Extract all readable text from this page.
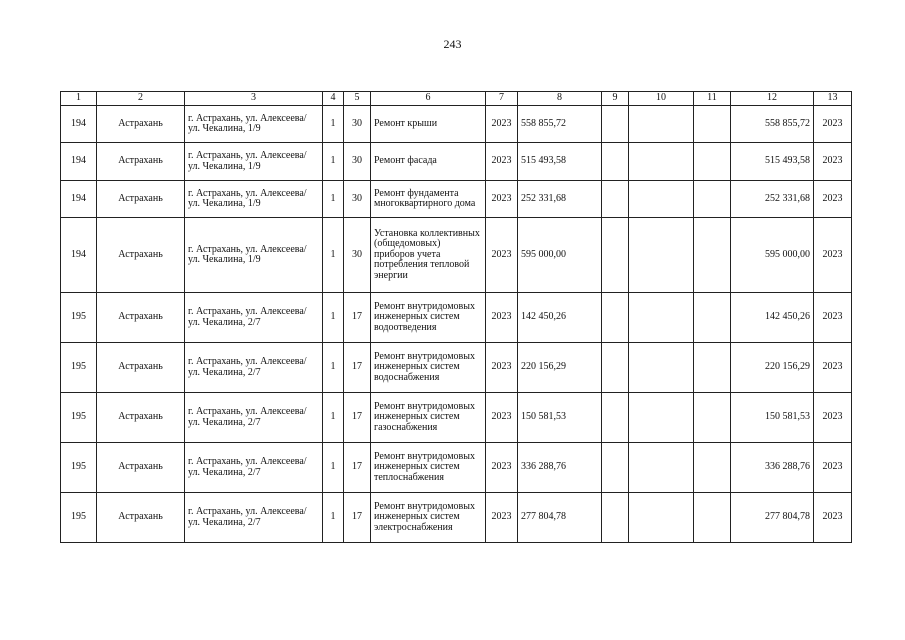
243
1	2	3	4	5	6	7	8	9	10	11	12	13
194	Астрахань	г. Астрахань, ул. Алексеева/ ул. Чекалина, 1/9	1	30	Ремонт крыши	2023	558 855,72				558 855,72	2023
194	Астрахань	г. Астрахань, ул. Алексеева/ ул. Чекалина, 1/9	1	30	Ремонт фасада	2023	515 493,58				515 493,58	2023
194	Астрахань	г. Астрахань, ул. Алексеева/ ул. Чекалина, 1/9	1	30	Ремонт фундамента многоквартирного дома	2023	252 331,68				252 331,68	2023
194	Астрахань	г. Астрахань, ул. Алексеева/ ул. Чекалина, 1/9	1	30	Установка коллективных (общедомовых) приборов учета потребления тепловой энергии	2023	595 000,00				595 000,00	2023
195	Астрахань	г. Астрахань, ул. Алексеева/ ул. Чекалина, 2/7	1	17	Ремонт внутридомовых инженерных систем водоотведения	2023	142 450,26				142 450,26	2023
195	Астрахань	г. Астрахань, ул. Алексеева/ ул. Чекалина, 2/7	1	17	Ремонт внутридомовых инженерных систем водоснабжения	2023	220 156,29				220 156,29	2023
195	Астрахань	г. Астрахань, ул. Алексеева/ ул. Чекалина, 2/7	1	17	Ремонт внутридомовых инженерных систем газоснабжения	2023	150 581,53				150 581,53	2023
195	Астрахань	г. Астрахань, ул. Алексеева/ ул. Чекалина, 2/7	1	17	Ремонт внутридомовых инженерных систем теплоснабжения	2023	336 288,76				336 288,76	2023
195	Астрахань	г. Астрахань, ул. Алексеева/ ул. Чекалина, 2/7	1	17	Ремонт внутридомовых инженерных систем электроснабжения	2023	277 804,78				277 804,78	2023
